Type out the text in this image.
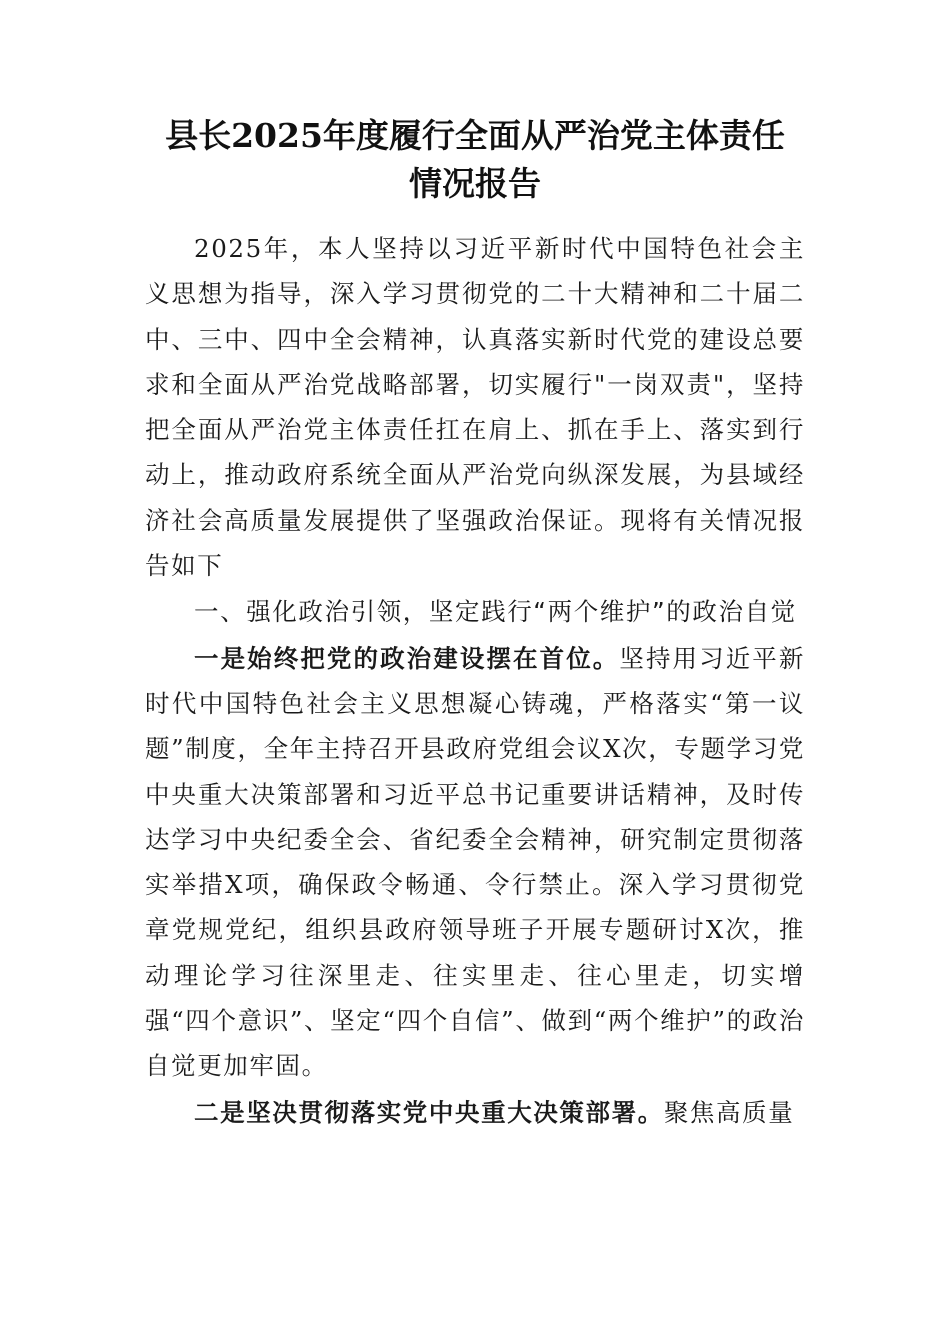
县长2025年度履行全面从严治党主体责任
情况报告

2025年，本人坚持以习近平新时代中国特色社会主义思想为指导，深入学习贯彻党的二十大精神和二十届二中、三中、四中全会精神，认真落实新时代党的建设总要求和全面从严治党战略部署，切实履行"一岗双责"，坚持把全面从严治党主体责任扛在肩上、抓在手上、落实到行动上，推动政府系统全面从严治党向纵深发展，为县域经济社会高质量发展提供了坚强政治保证。现将有关情况报告如下

一、强化政治引领，坚定践行“两个维护”的政治自觉

一是始终把党的政治建设摆在首位。坚持用习近平新时代中国特色社会主义思想凝心铸魂，严格落实“第一议题”制度，全年主持召开县政府党组会议X次，专题学习党中央重大决策部署和习近平总书记重要讲话精神，及时传达学习中央纪委全会、省纪委全会精神，研究制定贯彻落实举措X项，确保政令畅通、令行禁止。深入学习贯彻党章党规党纪，组织县政府领导班子开展专题研讨X次，推动理论学习往深里走、往实里走、往心里走，切实增强“四个意识”、坚定“四个自信”、做到“两个维护”的政治自觉更加牢固。

二是坚决贯彻落实党中央重大决策部署。聚焦高质量
